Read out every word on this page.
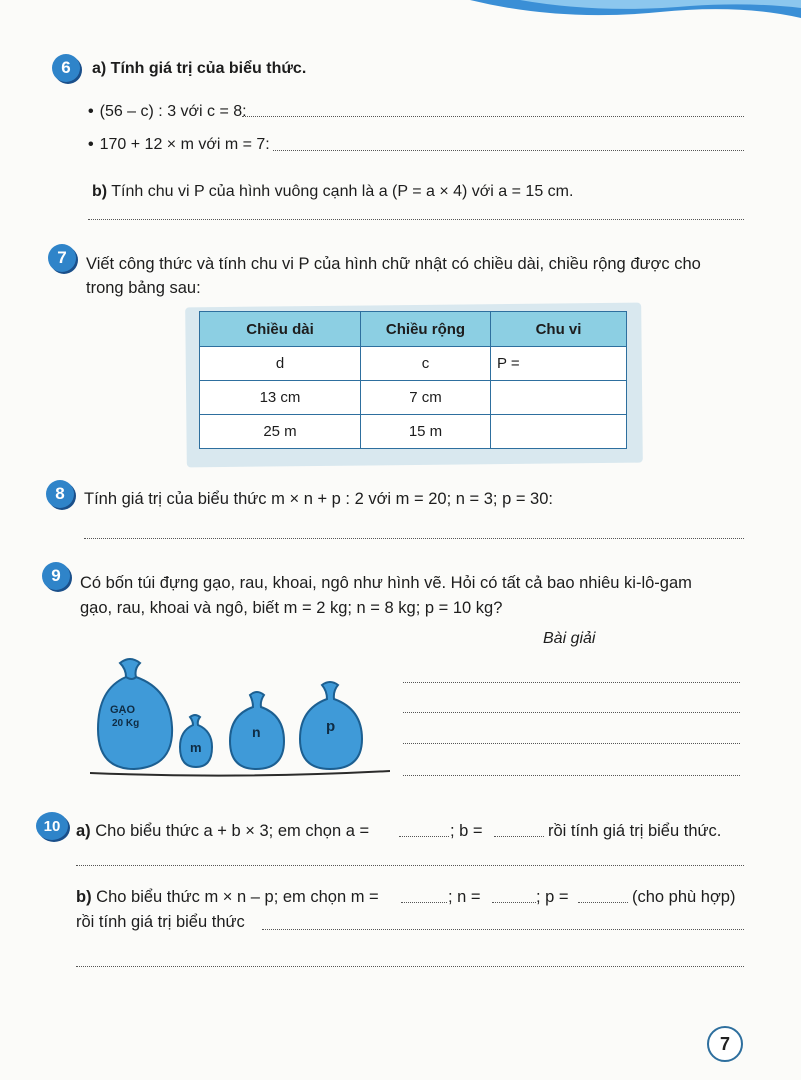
6	a) Tính giá trị của biểu thức.
• (56 – c) : 3 với c = 8:
• 170 + 12 × m với m = 7:
b) Tính chu vi P của hình vuông cạnh là a (P = a × 4) với a = 15 cm.
7	Viết công thức và tính chu vi P của hình chữ nhật có chiều dài, chiều rộng được cho
trong bảng sau:
Chiều dài	Chiều rộng	Chu vi
d	c	P =
13 cm	7 cm	
25 m	15 m	
8	Tính giá trị của biểu thức m × n + p : 2 với m = 20; n = 3; p = 30:
9	Có bốn túi đựng gạo, rau, khoai, ngô như hình vẽ. Hỏi có tất cả bao nhiêu ki-lô-gam
gạo, rau, khoai và ngô, biết m = 2 kg; n = 8 kg; p = 10 kg?
Bài giải
GẠO
20 Kg
m
n	p
10 a) Cho biểu thức a + b × 3; em chọn a =	; b =	rồi tính giá trị biểu thức.
b) Cho biểu thức m × n – p; em chọn m =	; n =	; p =	(cho phù hợp)
rồi tính giá trị biểu thức
7
